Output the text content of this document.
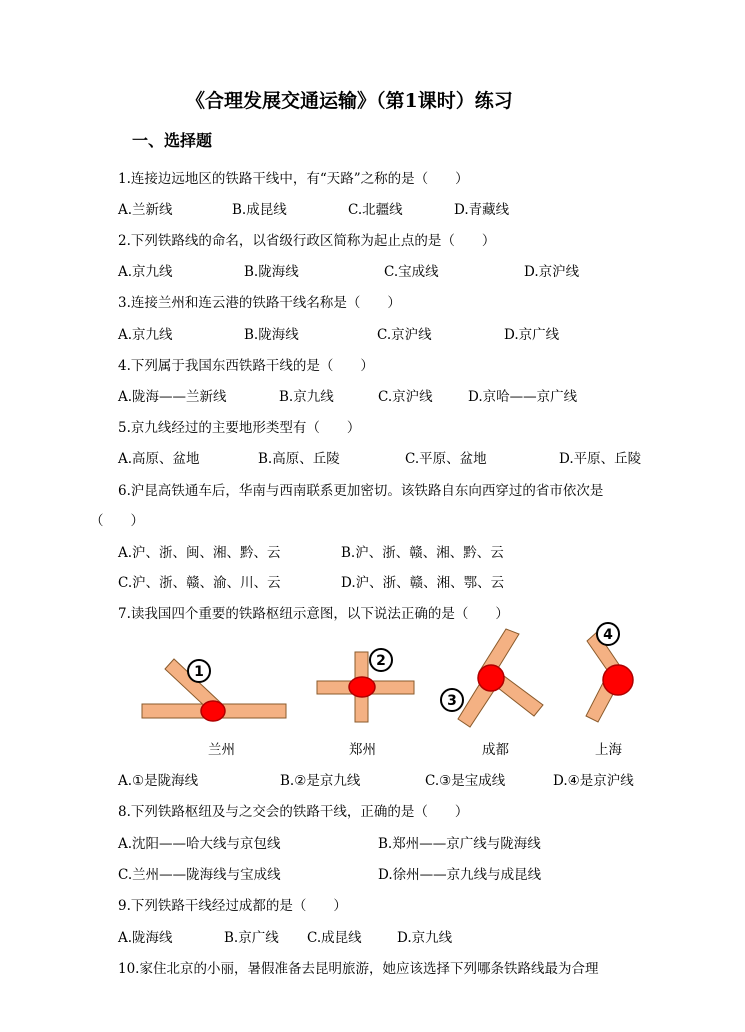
《合理发展交通运输》（第1课时）练习
一、选择题
1.连接边远地区的铁路干线中，有“天路”之称的是（　　）
A.兰新线	B.成昆线	C.北疆线	D.青藏线
2.下列铁路线的命名，以省级行政区简称为起止点的是（　　）
A.京九线	B.陇海线	C.宝成线	D.京沪线
3.连接兰州和连云港的铁路干线名称是（　　）
A.京九线	B.陇海线	C.京沪线	D.京广线
4.下列属于我国东西铁路干线的是（　　）
A.陇海——兰新线	B.京九线	C.京沪线	D.京哈——京广线
5.京九线经过的主要地形类型有（　　）
A.高原、盆地	B.高原、丘陵	C.平原、盆地	D.平原、丘陵
6.沪昆高铁通车后，华南与西南联系更加密切。该铁路自东向西穿过的省市依次是
（　　）
A.沪、浙、闽、湘、黔、云	B.沪、浙、赣、湘、黔、云
C.沪、浙、赣、渝、川、云	D.沪、浙、赣、湘、鄂、云
7.读我国四个重要的铁路枢纽示意图，以下说法正确的是（　　）
1
2
3
4
兰州	郑州	成都	上海
A.①是陇海线	B.②是京九线	C.③是宝成线	D.④是京沪线
8.下列铁路枢纽及与之交会的铁路干线，正确的是（　　）
A.沈阳——哈大线与京包线	B.郑州——京广线与陇海线
C.兰州——陇海线与宝成线	D.徐州——京九线与成昆线
9.下列铁路干线经过成都的是（　　）
A.陇海线	B.京广线 C.成昆线	D.京九线
10.家住北京的小丽，暑假准备去昆明旅游，她应该选择下列哪条铁路线最为合理
